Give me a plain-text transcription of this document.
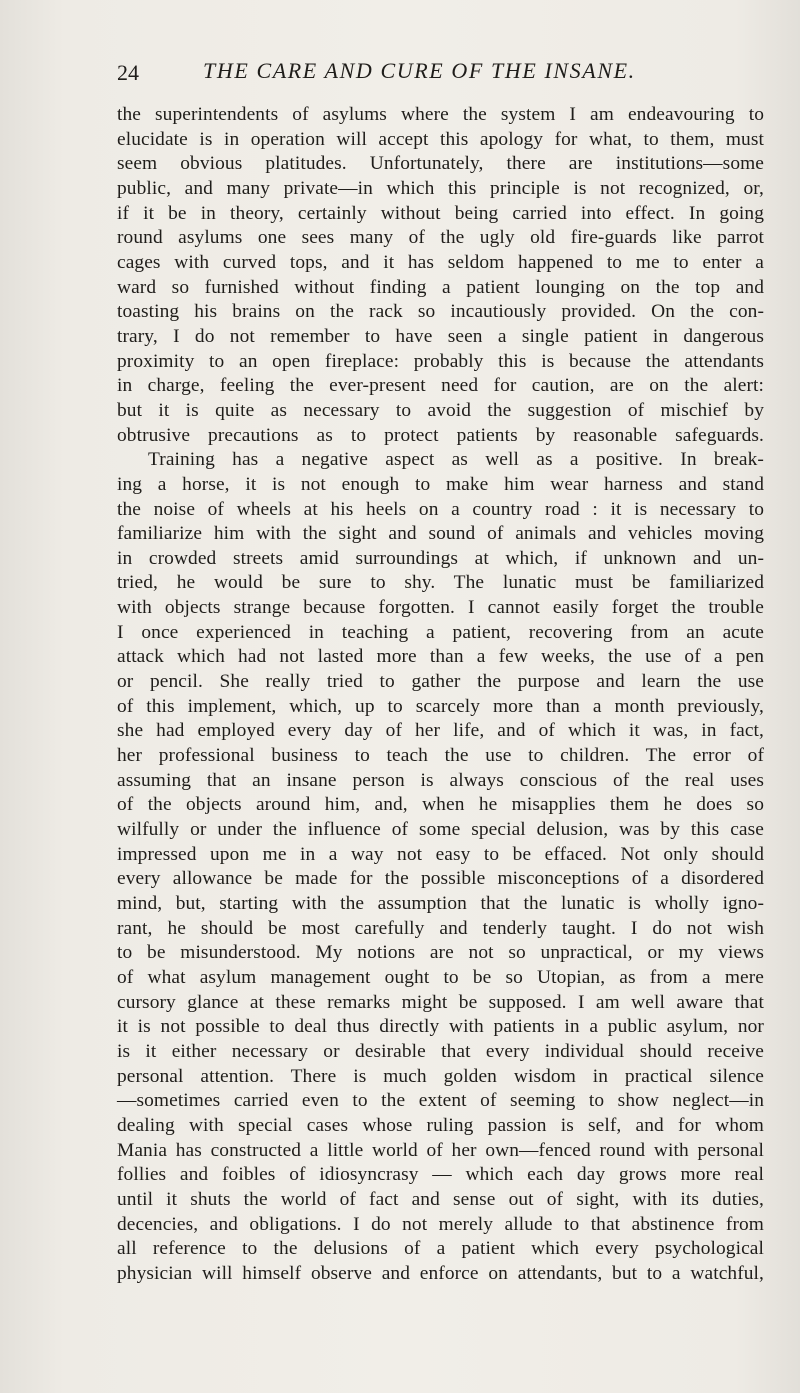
24	THE CARE AND CURE OF THE INSANE.
the superintendents of asylums where the system I am endeavouring to
elucidate is in operation will accept this apology for what, to them, must
seem obvious platitudes. Unfortunately, there are institutions—some
public, and many private—in which this principle is not recognized, or,
if it be in theory, certainly without being carried into effect. In going
round asylums one sees many of the ugly old fire-guards like parrot
cages with curved tops, and it has seldom happened to me to enter a
ward so furnished without finding a patient lounging on the top and
toasting his brains on the rack so incautiously provided. On the con-
trary, I do not remember to have seen a single patient in dangerous
proximity to an open fireplace: probably this is because the attendants
in charge, feeling the ever-present need for caution, are on the alert:
but it is quite as necessary to avoid the suggestion of mischief by
obtrusive precautions as to protect patients by reasonable safeguards.
Training has a negative aspect as well as a positive. In break-
ing a horse, it is not enough to make him wear harness and stand
the noise of wheels at his heels on a country road : it is necessary to
familiarize him with the sight and sound of animals and vehicles moving
in crowded streets amid surroundings at which, if unknown and un-
tried, he would be sure to shy. The lunatic must be familiarized
with objects strange because forgotten. I cannot easily forget the trouble
I once experienced in teaching a patient, recovering from an acute
attack which had not lasted more than a few weeks, the use of a pen
or pencil. She really tried to gather the purpose and learn the use
of this implement, which, up to scarcely more than a month previously,
she had employed every day of her life, and of which it was, in fact,
her professional business to teach the use to children. The error of
assuming that an insane person is always conscious of the real uses
of the objects around him, and, when he misapplies them he does so
wilfully or under the influence of some special delusion, was by this case
impressed upon me in a way not easy to be effaced. Not only should
every allowance be made for the possible misconceptions of a disordered
mind, but, starting with the assumption that the lunatic is wholly igno-
rant, he should be most carefully and tenderly taught. I do not wish
to be misunderstood. My notions are not so unpractical, or my views
of what asylum management ought to be so Utopian, as from a mere
cursory glance at these remarks might be supposed. I am well aware that
it is not possible to deal thus directly with patients in a public asylum, nor
is it either necessary or desirable that every individual should receive
personal attention. There is much golden wisdom in practical silence
—sometimes carried even to the extent of seeming to show neglect—in
dealing with special cases whose ruling passion is self, and for whom
Mania has constructed a little world of her own—fenced round with personal
follies and foibles of idiosyncrasy — which each day grows more real
until it shuts the world of fact and sense out of sight, with its duties,
decencies, and obligations. I do not merely allude to that abstinence from
all reference to the delusions of a patient which every psychological
physician will himself observe and enforce on attendants, but to a watchful,
